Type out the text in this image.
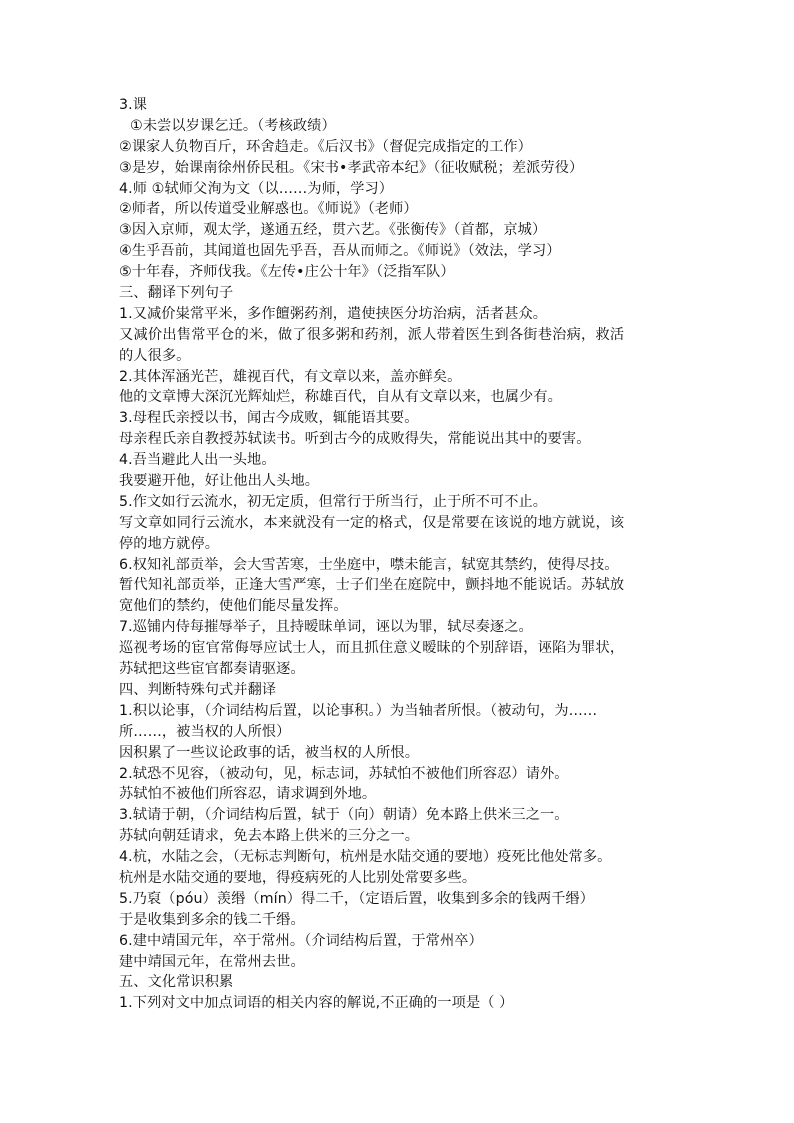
3.课
①未尝以岁课乞迁。（考核政绩）
②课家人负物百斤，环舍趋走。《后汉书》（督促完成指定的工作）
③是岁，始课南徐州侨民租。《宋书•孝武帝本纪》（征收赋税；差派劳役）
4.师 ①轼师父洵为文（以……为师，学习）
②师者，所以传道受业解惑也。《师说》（老师）
③因入京师，观太学，遂通五经，贯六艺。《张衡传》（首都，京城）
④生乎吾前，其闻道也固先乎吾，吾从而师之。《师说》（效法，学习）
⑤十年春，齐师伐我。《左传•庄公十年》（泛指军队）
三、翻译下列句子
1.又减价粜常平米，多作饘粥药剂，遣使挟医分坊治病，活者甚众。
又减价出售常平仓的米，做了很多粥和药剂，派人带着医生到各街巷治病，救活
的人很多。
2.其体浑涵光芒，雄视百代，有文章以来，盖亦鲜矣。
他的文章博大深沉光辉灿烂，称雄百代，自从有文章以来，也属少有。
3.母程氏亲授以书，闻古今成败，辄能语其要。
母亲程氏亲自教授苏轼读书。听到古今的成败得失，常能说出其中的要害。
4.吾当避此人出一头地。
我要避开他，好让他出人头地。
5.作文如行云流水，初无定质，但常行于所当行，止于所不可不止。
写文章如同行云流水，本来就没有一定的格式，仅是常要在该说的地方就说，该
停的地方就停。
6.权知礼部贡举，会大雪苦寒，士坐庭中，噤未能言，轼宽其禁约，使得尽技。
暂代知礼部贡举，正逢大雪严寒，士子们坐在庭院中，颤抖地不能说话。苏轼放
宽他们的禁约，使他们能尽量发挥。
7.巡铺内侍每摧辱举子，且持暧昧单词，诬以为罪，轼尽奏逐之。
巡视考场的宦官常侮辱应试士人，而且抓住意义暧昧的个别辞语，诬陷为罪状，
苏轼把这些宦官都奏请驱逐。
四、判断特殊句式并翻译
1.积以论事，（介词结构后置，以论事积。）为当轴者所恨。（被动句，为……
所……，被当权的人所恨）
因积累了一些议论政事的话，被当权的人所恨。
2.轼恐不见容，（被动句，见，标志词，苏轼怕不被他们所容忍）请外。
苏轼怕不被他们所容忍，请求调到外地。
3.轼请于朝，（介词结构后置，轼于（向）朝请）免本路上供米三之一。
苏轼向朝廷请求，免去本路上供米的三分之一。
4.杭，水陆之会，（无标志判断句，杭州是水陆交通的要地）疫死比他处常多。
杭州是水陆交通的要地，得疫病死的人比别处常要多些。
5.乃裒（póu）羡缗（mín）得二千，（定语后置，收集到多余的钱两千缗）
于是收集到多余的钱二千缗。
6.建中靖国元年，卒于常州。（介词结构后置，于常州卒）
建中靖国元年，在常州去世。
五、文化常识积累
1.下列对文中加点词语的相关内容的解说,不正确的一项是（ ）
